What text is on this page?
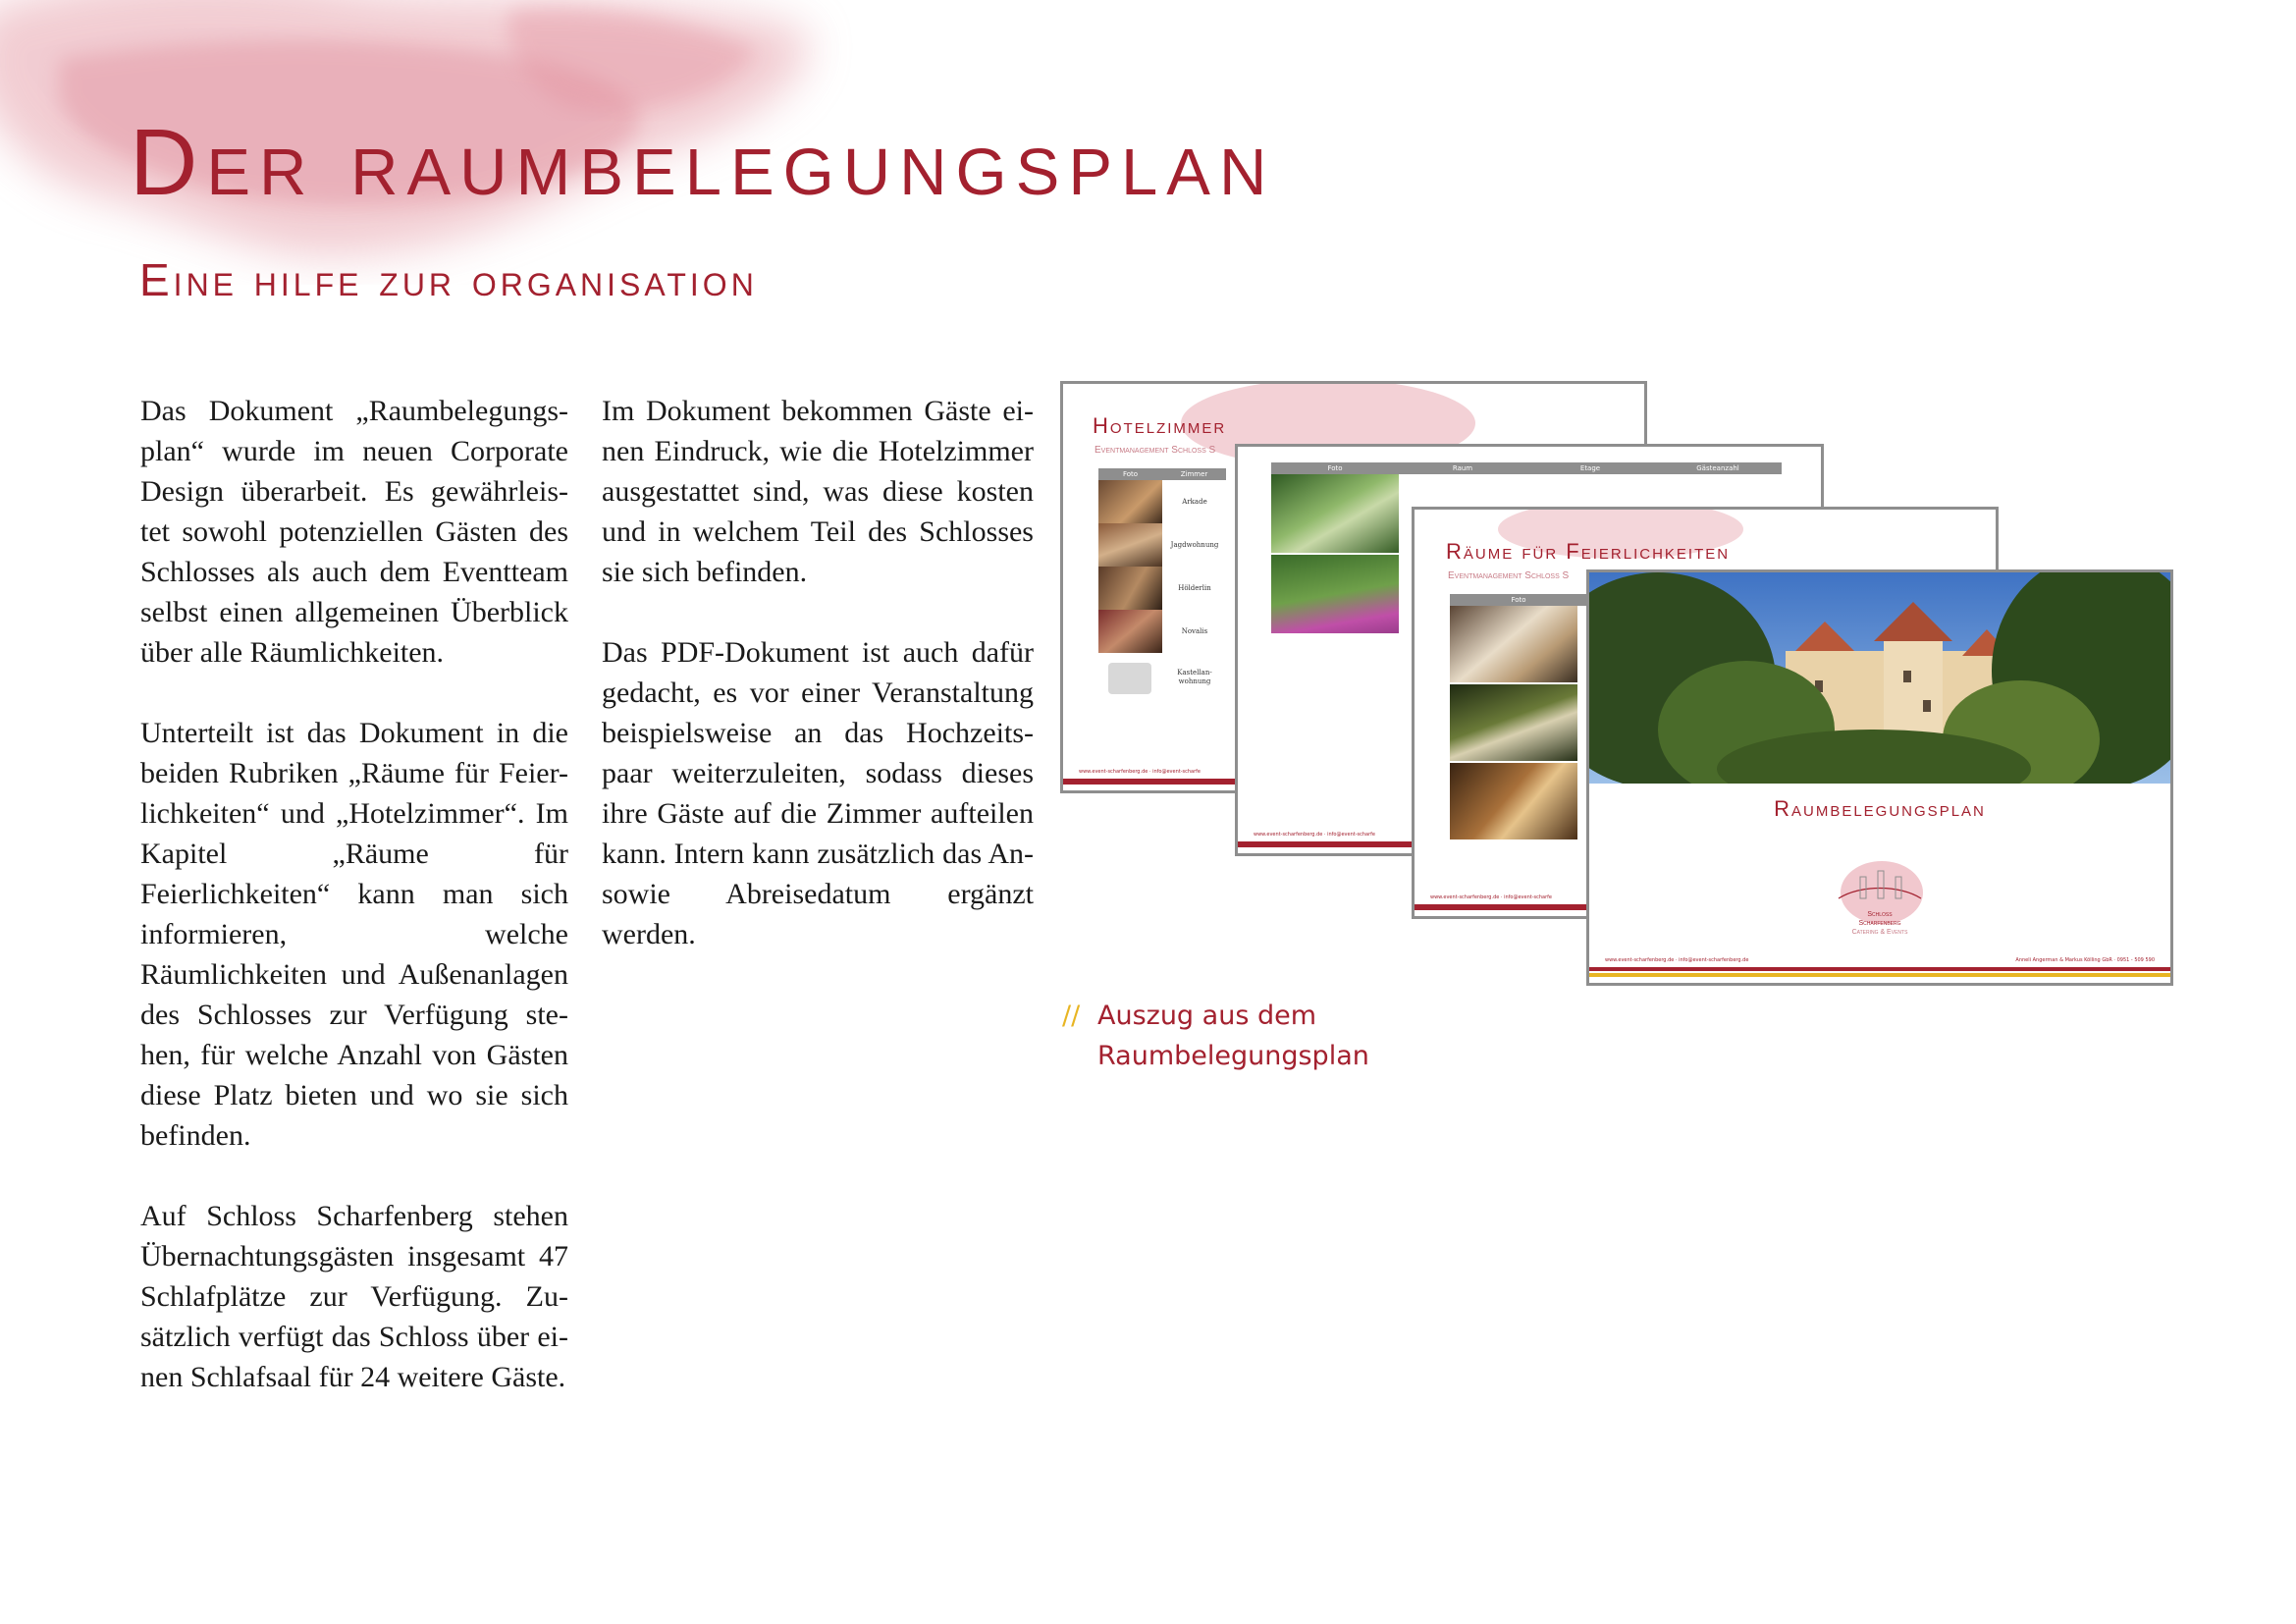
Der raumbelegungsplan
Eine hilfe zur organisation

Das Dokument „Raumbelegungs-plan“ wurde im neuen Corporate Design überarbeit. Es gewährleis-tet sowohl potenziellen Gästen des Schlosses als auch dem Eventteam selbst einen allgemeinen Überblick über alle Räumlichkeiten.

Unterteilt ist das Dokument in die beiden Rubriken „Räume für Feier-lichkeiten“ und „Hotelzimmer“. Im Kapitel „Räume für Feierlichkeiten“ kann man sich informieren, welche Räumlichkeiten und Außenanlagen des Schlosses zur Verfügung ste-hen, für welche Anzahl von Gästen diese Platz bieten und wo sie sich befinden.

Auf Schloss Scharfenberg stehen Übernachtungsgästen insgesamt 47 Schlafplätze zur Verfügung. Zu-sätzlich verfügt das Schloss über ei-nen Schlafsaal für 24 weitere Gäste.

Im Dokument bekommen Gäste ei-nen Eindruck, wie die Hotelzimmer ausgestattet sind, was diese kosten und in welchem Teil des Schlosses sie sich befinden.

Das PDF-Dokument ist auch dafür gedacht, es vor einer Veranstaltung beispielsweise an das Hochzeits-paar weiterzuleiten, sodass dieses ihre Gäste auf die Zimmer aufteilen kann. Intern kann zusätzlich das An- sowie Abreisedatum ergänzt werden.

Hotelzimmer
Eventmanagement Schloss S
Foto	Zimmer
Arkade
Jagdwohnung
Hölderlin
Novalis
Kastellan-wohnung
www.event-scharfenberg.de · info@event-scharfe
Foto	Raum	Etage	Gästeanzahl
www.event-scharfenberg.de · info@event-scharfe
Räume für Feierlichkeiten
Eventmanagement Schloss S
Foto
www.event-scharfenberg.de · info@event-scharfe
Raumbelegungsplan
Schloss
Scharfenberg
Catering & Events
www.event-scharfenberg.de · info@event-scharfenberg.de	Anneli Angerman & Markus Kölling GbR · 0951 - 509 590
// Auszug aus dem
Raumbelegungsplan
